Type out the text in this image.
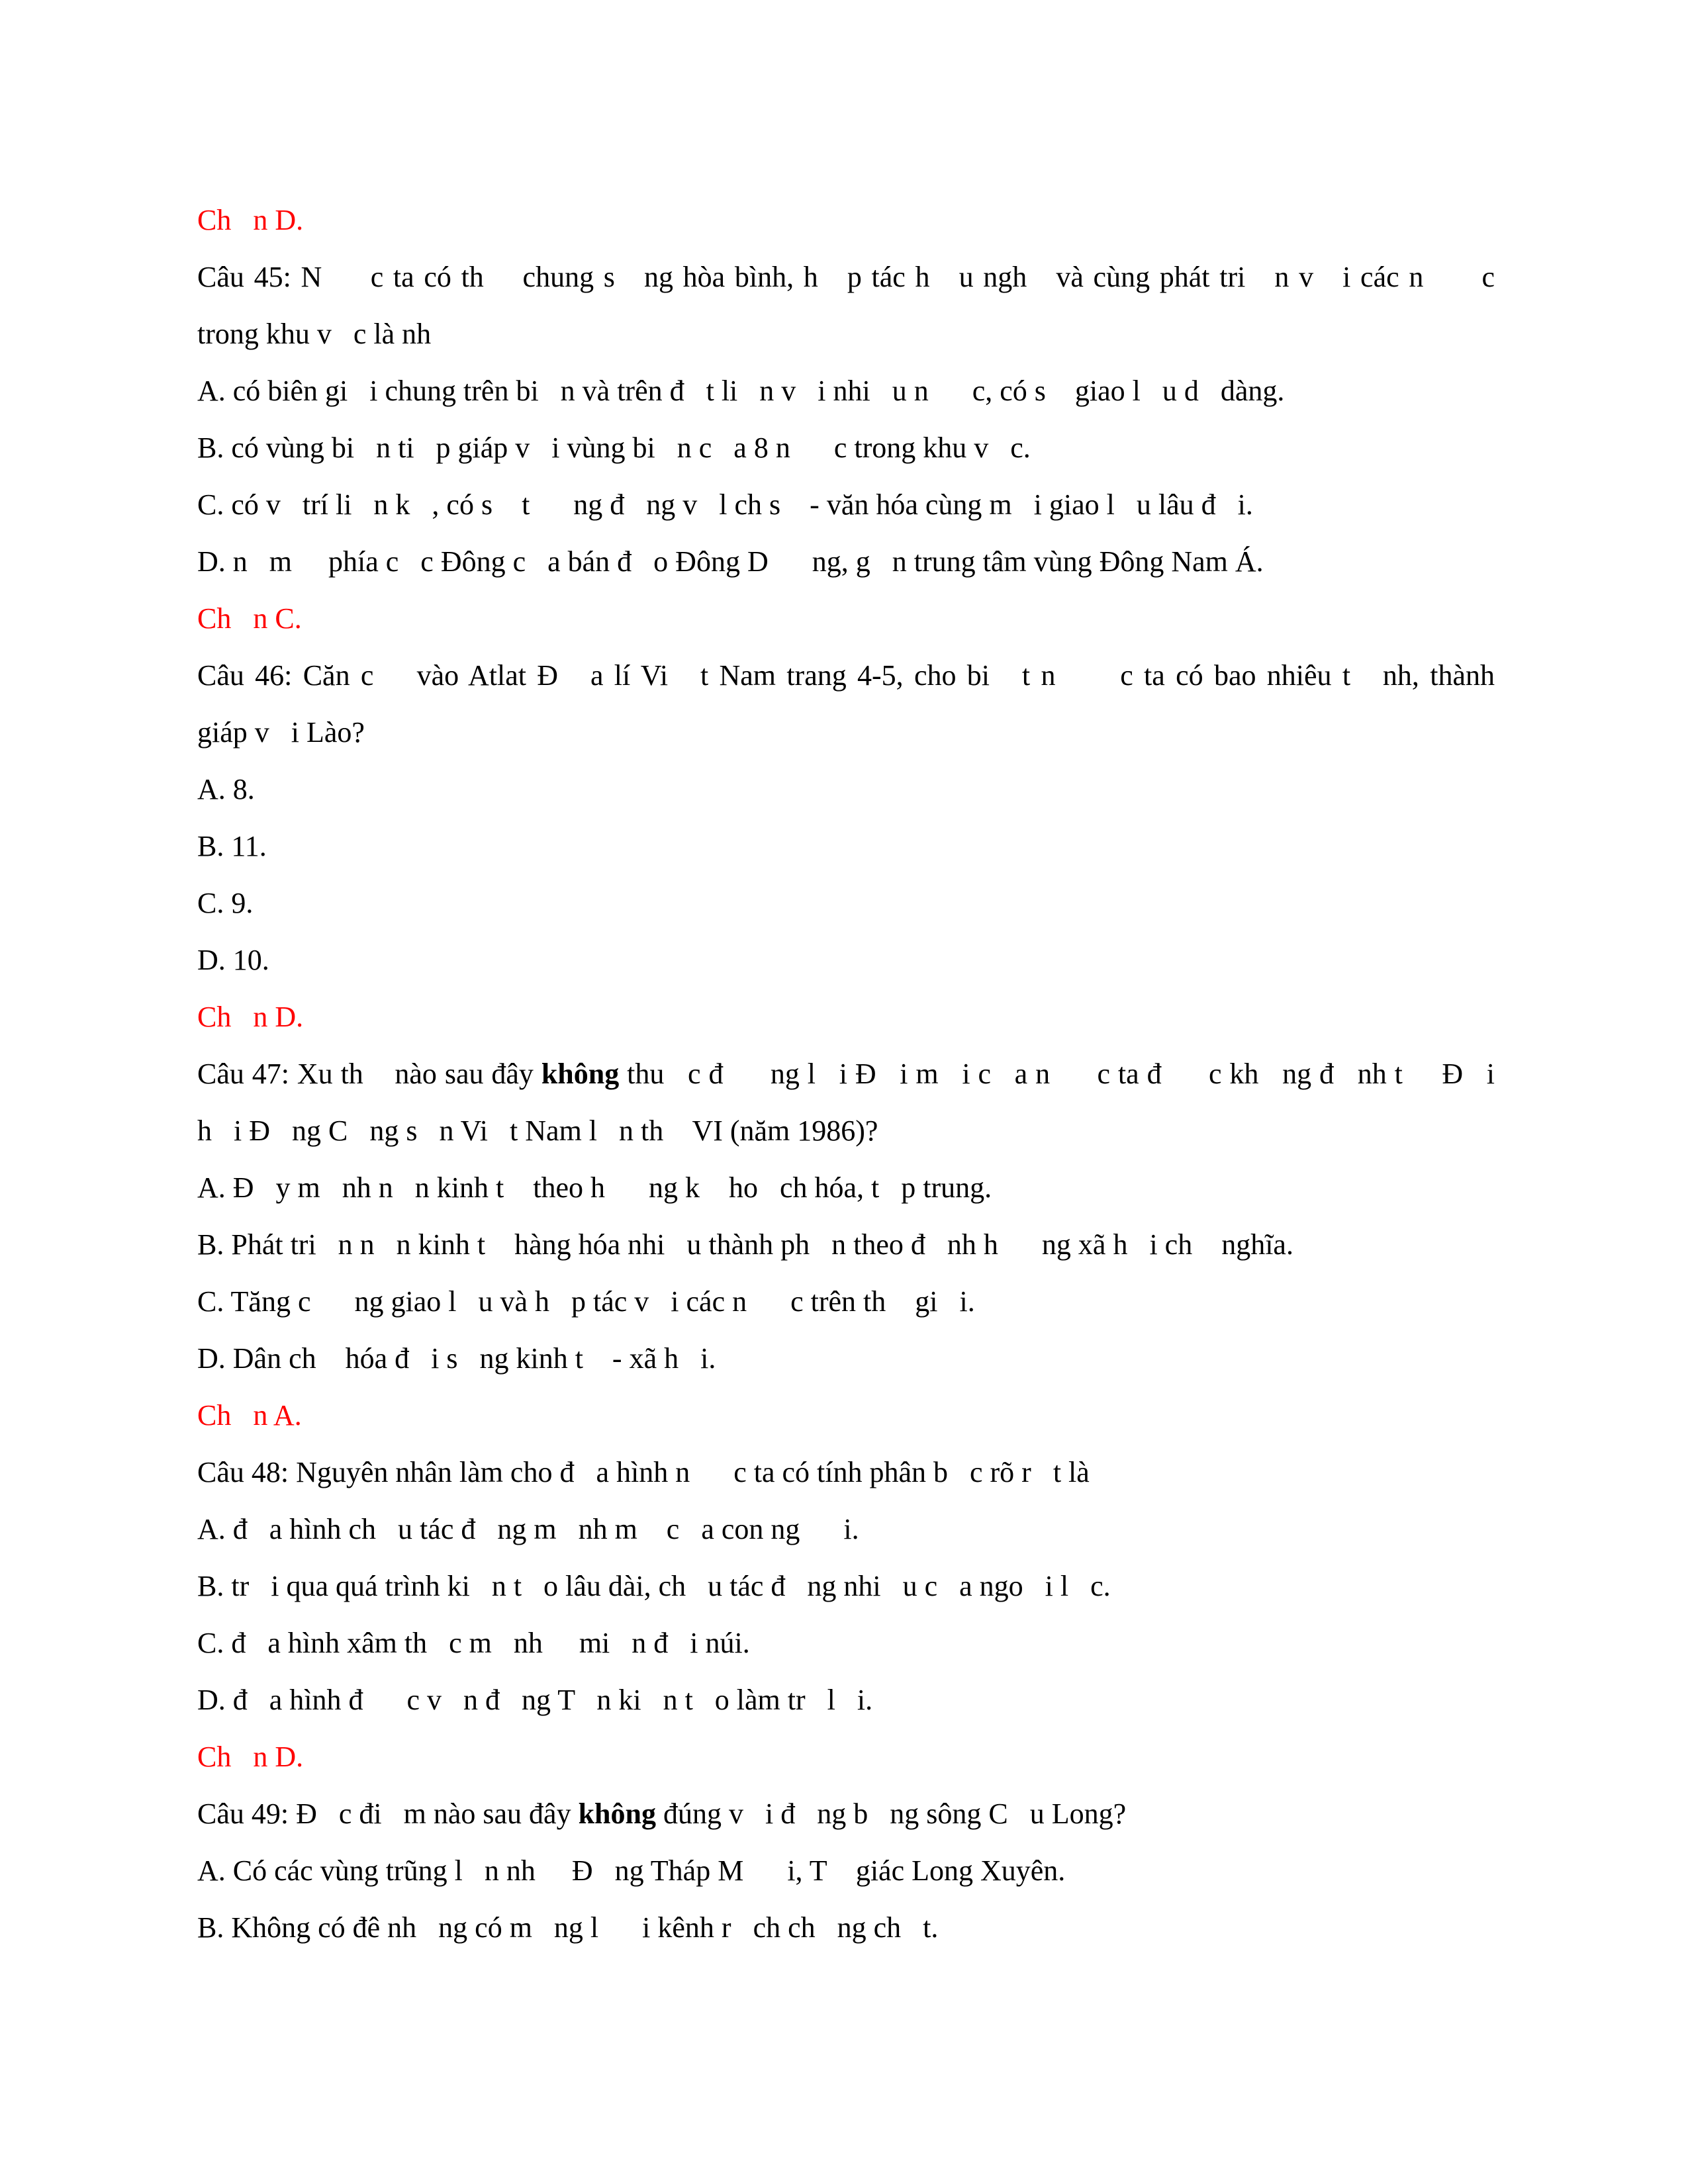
Ch   n D.
Câu 45: N     c ta có th    chung s   ng hòa bình, h   p tác h   u ngh   và cùng phát tri   n v   i các n      c
trong khu v   c là nh
A. có biên gi   i chung trên bi   n và trên đ   t li   n v   i nhi   u n      c, có s    giao l   u d   dàng.
B. có vùng bi   n ti   p giáp v   i vùng bi   n c   a 8 n      c trong khu v   c.
C. có v   trí li   n k   , có s    t      ng đ   ng v   l ch s    - văn hóa cùng m   i giao l   u lâu đ   i.
D. n   m     phía c   c Đông c   a bán đ   o Đông D      ng, g   n trung tâm vùng Đông Nam Á.
Ch   n C.
Câu 46: Căn c    vào Atlat Đ   a lí Vi   t Nam trang 4-5, cho bi   t n      c ta có bao nhiêu t   nh, thành
giáp v   i Lào?
A. 8.
B. 11.
C. 9.
D. 10.
Ch   n D.
Câu 47: Xu th    nào sau đây không thu   c đ      ng l   i Đ   i m   i c   a n      c ta đ      c kh   ng đ   nh t     Đ   i
h   i Đ   ng C   ng s   n Vi   t Nam l   n th    VI (năm 1986)?
A. Đ   y m   nh n   n kinh t    theo h      ng k    ho   ch hóa, t   p trung.
B. Phát tri   n n   n kinh t    hàng hóa nhi   u thành ph   n theo đ   nh h      ng xã h   i ch    nghĩa.
C. Tăng c      ng giao l   u và h   p tác v   i các n      c trên th    gi   i.
D. Dân ch    hóa đ   i s   ng kinh t    - xã h   i.
Ch   n A.
Câu 48: Nguyên nhân làm cho đ   a hình n      c ta có tính phân b   c rõ r   t là
A. đ   a hình ch   u tác đ   ng m   nh m    c   a con ng      i.
B. tr   i qua quá trình ki   n t   o lâu dài, ch   u tác đ   ng nhi   u c   a ngo   i l   c.
C. đ   a hình xâm th   c m   nh     mi   n đ   i núi.
D. đ   a hình đ      c v   n đ   ng T   n ki   n t   o làm tr   l   i.
Ch   n D.
Câu 49: Đ   c đi   m nào sau đây không đúng v   i đ   ng b   ng sông C   u Long?
A. Có các vùng trũng l   n nh     Đ   ng Tháp M      i, T    giác Long Xuyên.
B. Không có đê nh   ng có m   ng l      i kênh r   ch ch   ng ch   t.
